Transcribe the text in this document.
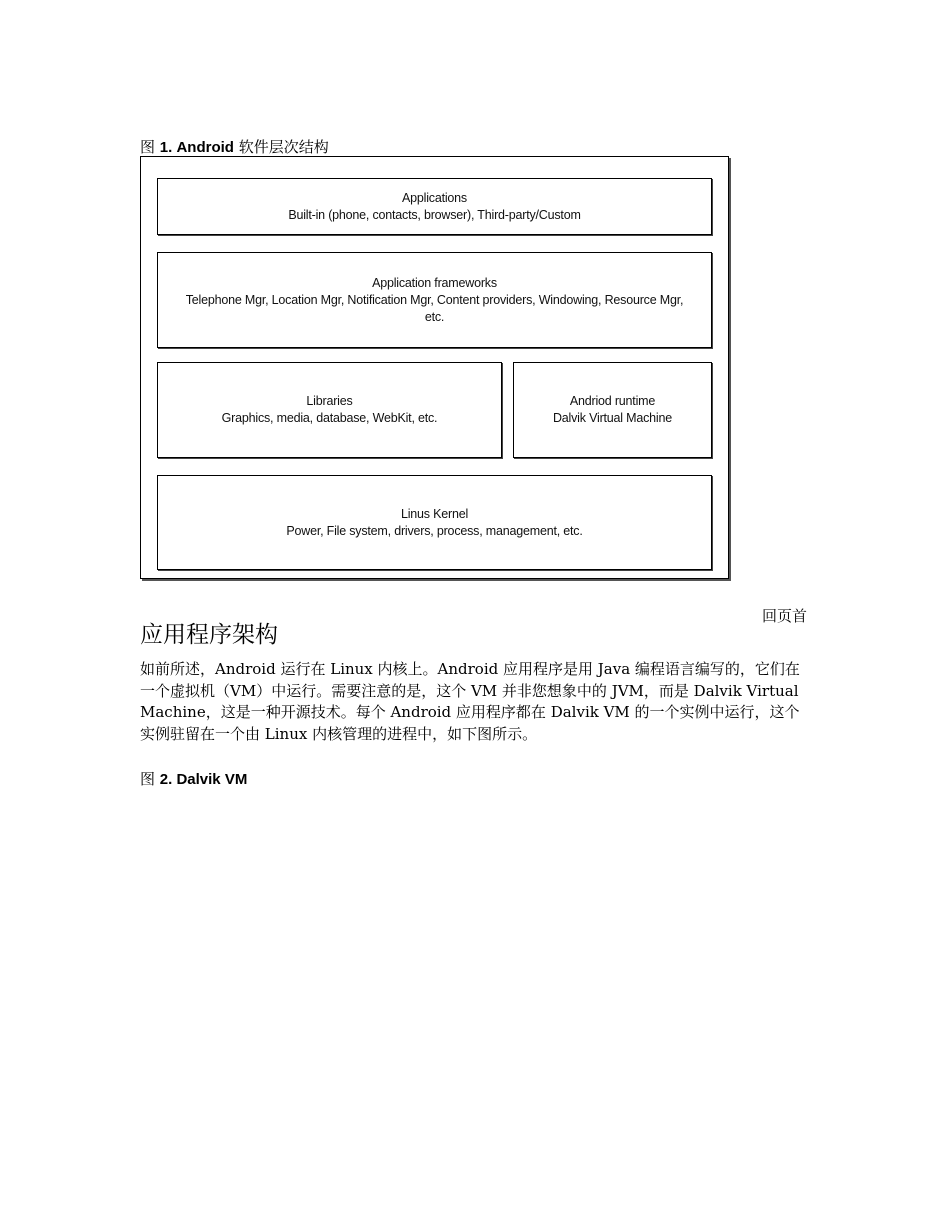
图 1. Android 软件层次结构
Applications
Built-in (phone, contacts, browser), Third-party/Custom
Application frameworks
Telephone Mgr, Location Mgr, Notification Mgr, Content providers, Windowing, Resource Mgr, etc.
Libraries
Graphics, media, database, WebKit, etc.
Andriod runtime
Dalvik Virtual Machine
Linus Kernel
Power, File system, drivers, process, management, etc.
回页首
应用程序架构

如前所述，Android 运行在 Linux 内核上。Android 应用程序是用 Java 编程语言编写的，它们在一个虚拟机（VM）中运行。需要注意的是，这个 VM 并非您想象中的 JVM，而是 Dalvik Virtual Machine，这是一种开源技术。每个 Android 应用程序都在 Dalvik VM 的一个实例中运行，这个实例驻留在一个由 Linux 内核管理的进程中，如下图所示。

图 2. Dalvik VM
